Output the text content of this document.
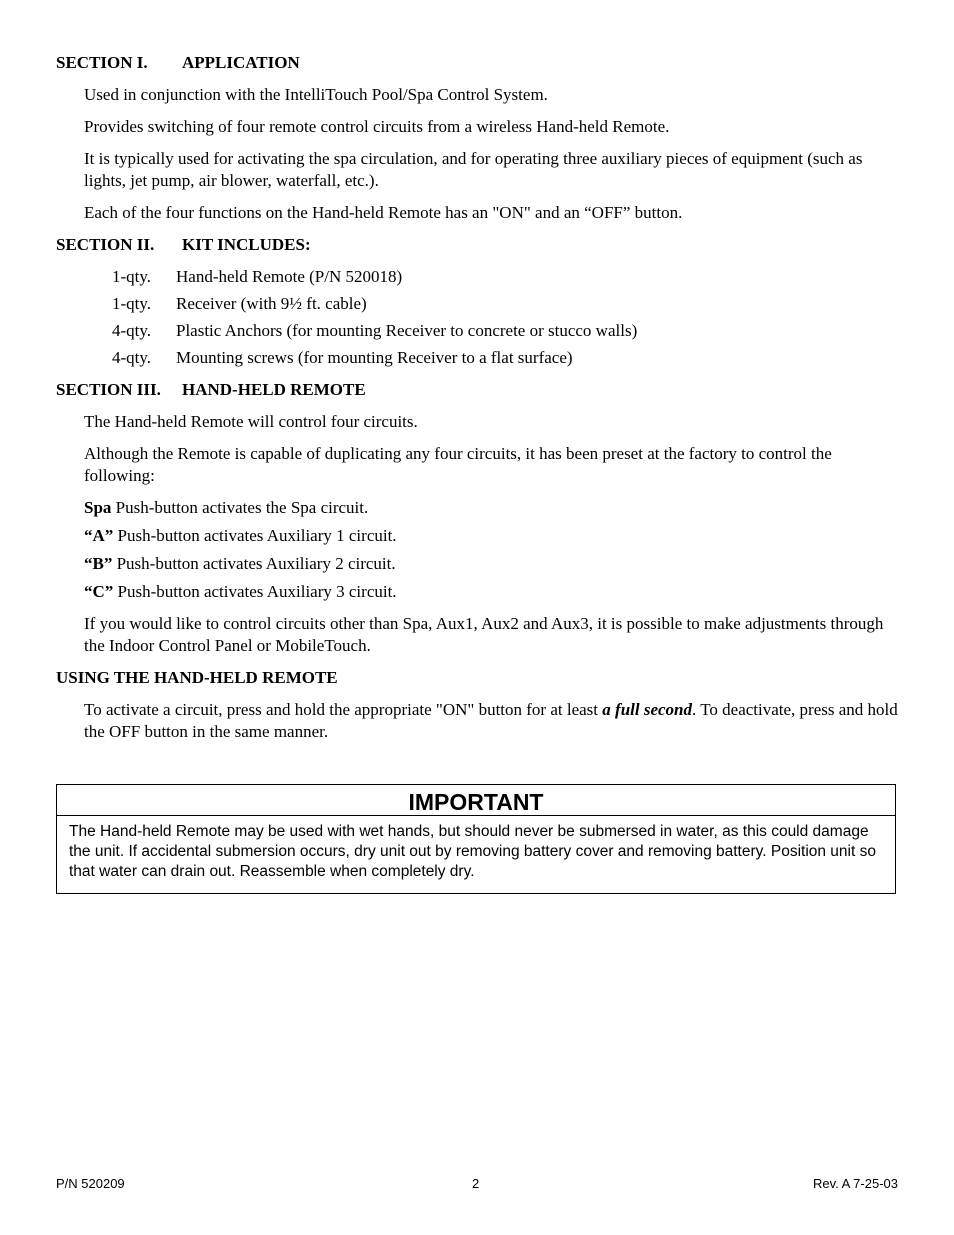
SECTION I. APPLICATION

Used in conjunction with the IntelliTouch Pool/Spa Control System.

Provides switching of four remote control circuits from a wireless Hand-held Remote.

It is typically used for activating the spa circulation, and for operating three auxiliary pieces of equipment (such as lights, jet pump, air blower, waterfall, etc.).

Each of the four functions on the Hand-held Remote has an "ON" and an “OFF” button.

SECTION II. KIT INCLUDES:
1-qty.	Hand-held Remote (P/N 520018)
1-qty.	Receiver (with 9½ ft. cable)
4-qty.	Plastic Anchors (for mounting Receiver to concrete or stucco walls)
4-qty.	Mounting screws (for mounting Receiver to a flat surface)
SECTION III. HAND-HELD REMOTE

The Hand-held Remote will control four circuits.

Although the Remote is capable of duplicating any four circuits, it has been preset at the factory to control the following:

Spa Push-button activates the Spa circuit.
“A” Push-button activates Auxiliary 1 circuit.
“B” Push-button activates Auxiliary 2 circuit.
“C” Push-button activates Auxiliary 3 circuit.

If you would like to control circuits other than Spa, Aux1, Aux2 and Aux3, it is possible to make adjustments through the Indoor Control Panel or MobileTouch.

USING THE HAND-HELD REMOTE

To activate a circuit, press and hold the appropriate "ON" button for at least a full second. To deactivate, press and hold the OFF button in the same manner.

IMPORTANT
The Hand-held Remote may be used with wet hands, but should never be submersed in water, as this could damage the unit. If accidental submersion occurs, dry unit out by removing battery cover and removing battery. Position unit so that water can drain out. Reassemble when completely dry.
P/N 520209	2	Rev. A 7-25-03
